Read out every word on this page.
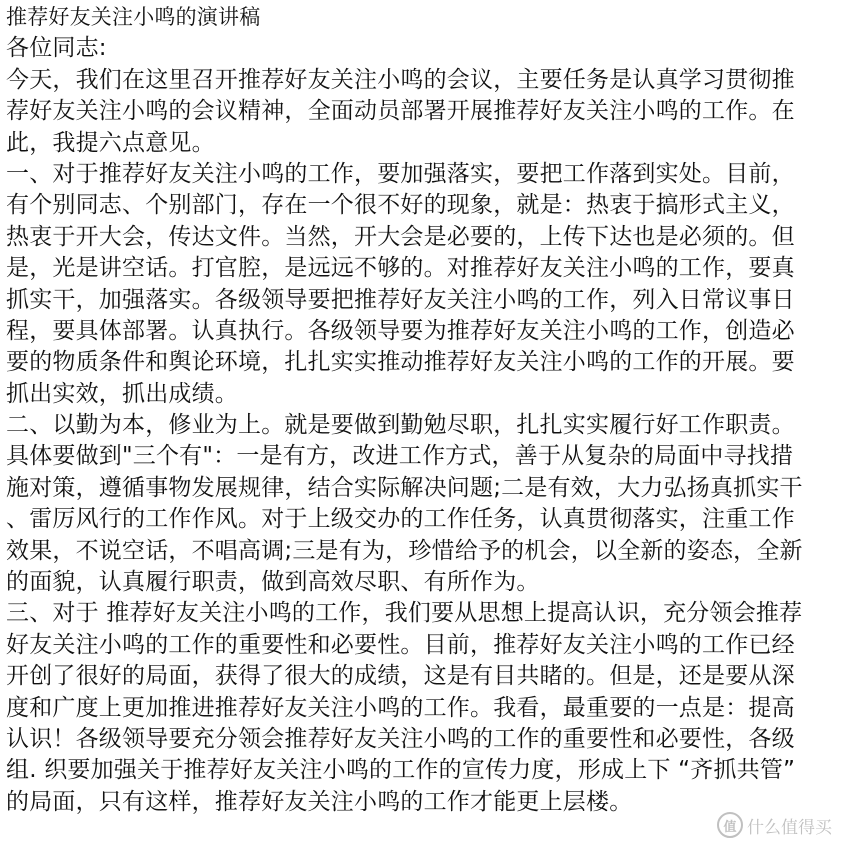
推荐好友关注小鸣的演讲稿
各位同志:
今天，我们在这里召开推荐好友关注小鸣的会议，主要任务是认真学习贯彻推
荐好友关注小鸣的会议精神，全面动员部署开展推荐好友关注小鸣的工作。在
此，我提六点意见。
一、对于推荐好友关注小鸣的工作，要加强落实，要把工作落到实处。目前，
有个别同志、个别部门，存在一个很不好的现象，就是：热衷于搞形式主义，
热衷于开大会，传达文件。当然，开大会是必要的，上传下达也是必须的。但
是，光是讲空话。打官腔，是远远不够的。对推荐好友关注小鸣的工作，要真
抓实干，加强落实。各级领导要把推荐好友关注小鸣的工作，列入日常议事日
程，要具体部署。认真执行。各级领导要为推荐好友关注小鸣的工作，创造必
要的物质条件和舆论环境，扎扎实实推动推荐好友关注小鸣的工作的开展。要
抓出实效，抓出成绩。
二、以勤为本，修业为上。就是要做到勤勉尽职，扎扎实实履行好工作职责。
具体要做到"三个有"：一是有方，改进工作方式，善于从复杂的局面中寻找措
施对策，遵循事物发展规律，结合实际解决问题;二是有效，大力弘扬真抓实干
、雷厉风行的工作作风。对于上级交办的工作任务，认真贯彻落实，注重工作
效果，不说空话，不唱高调;三是有为，珍惜给予的机会，以全新的姿态，全新
的面貌，认真履行职责，做到高效尽职、有所作为。
三、对于 推荐好友关注小鸣的工作，我们要从思想上提高认识，充分领会推荐
好友关注小鸣的工作的重要性和必要性。目前，推荐好友关注小鸣的工作已经
开创了很好的局面，获得了很大的成绩，这是有目共睹的。但是，还是要从深
度和广度上更加推进推荐好友关注小鸣的工作。我看，最重要的一点是：提高
认识！各级领导要充分领会推荐好友关注小鸣的工作的重要性和必要性，各级
组. 织要加强关于推荐好友关注小鸣的工作的宣传力度，形成上下 “齐抓共管”
的局面，只有这样，推荐好友关注小鸣的工作才能更上层楼。
值 什么值得买
